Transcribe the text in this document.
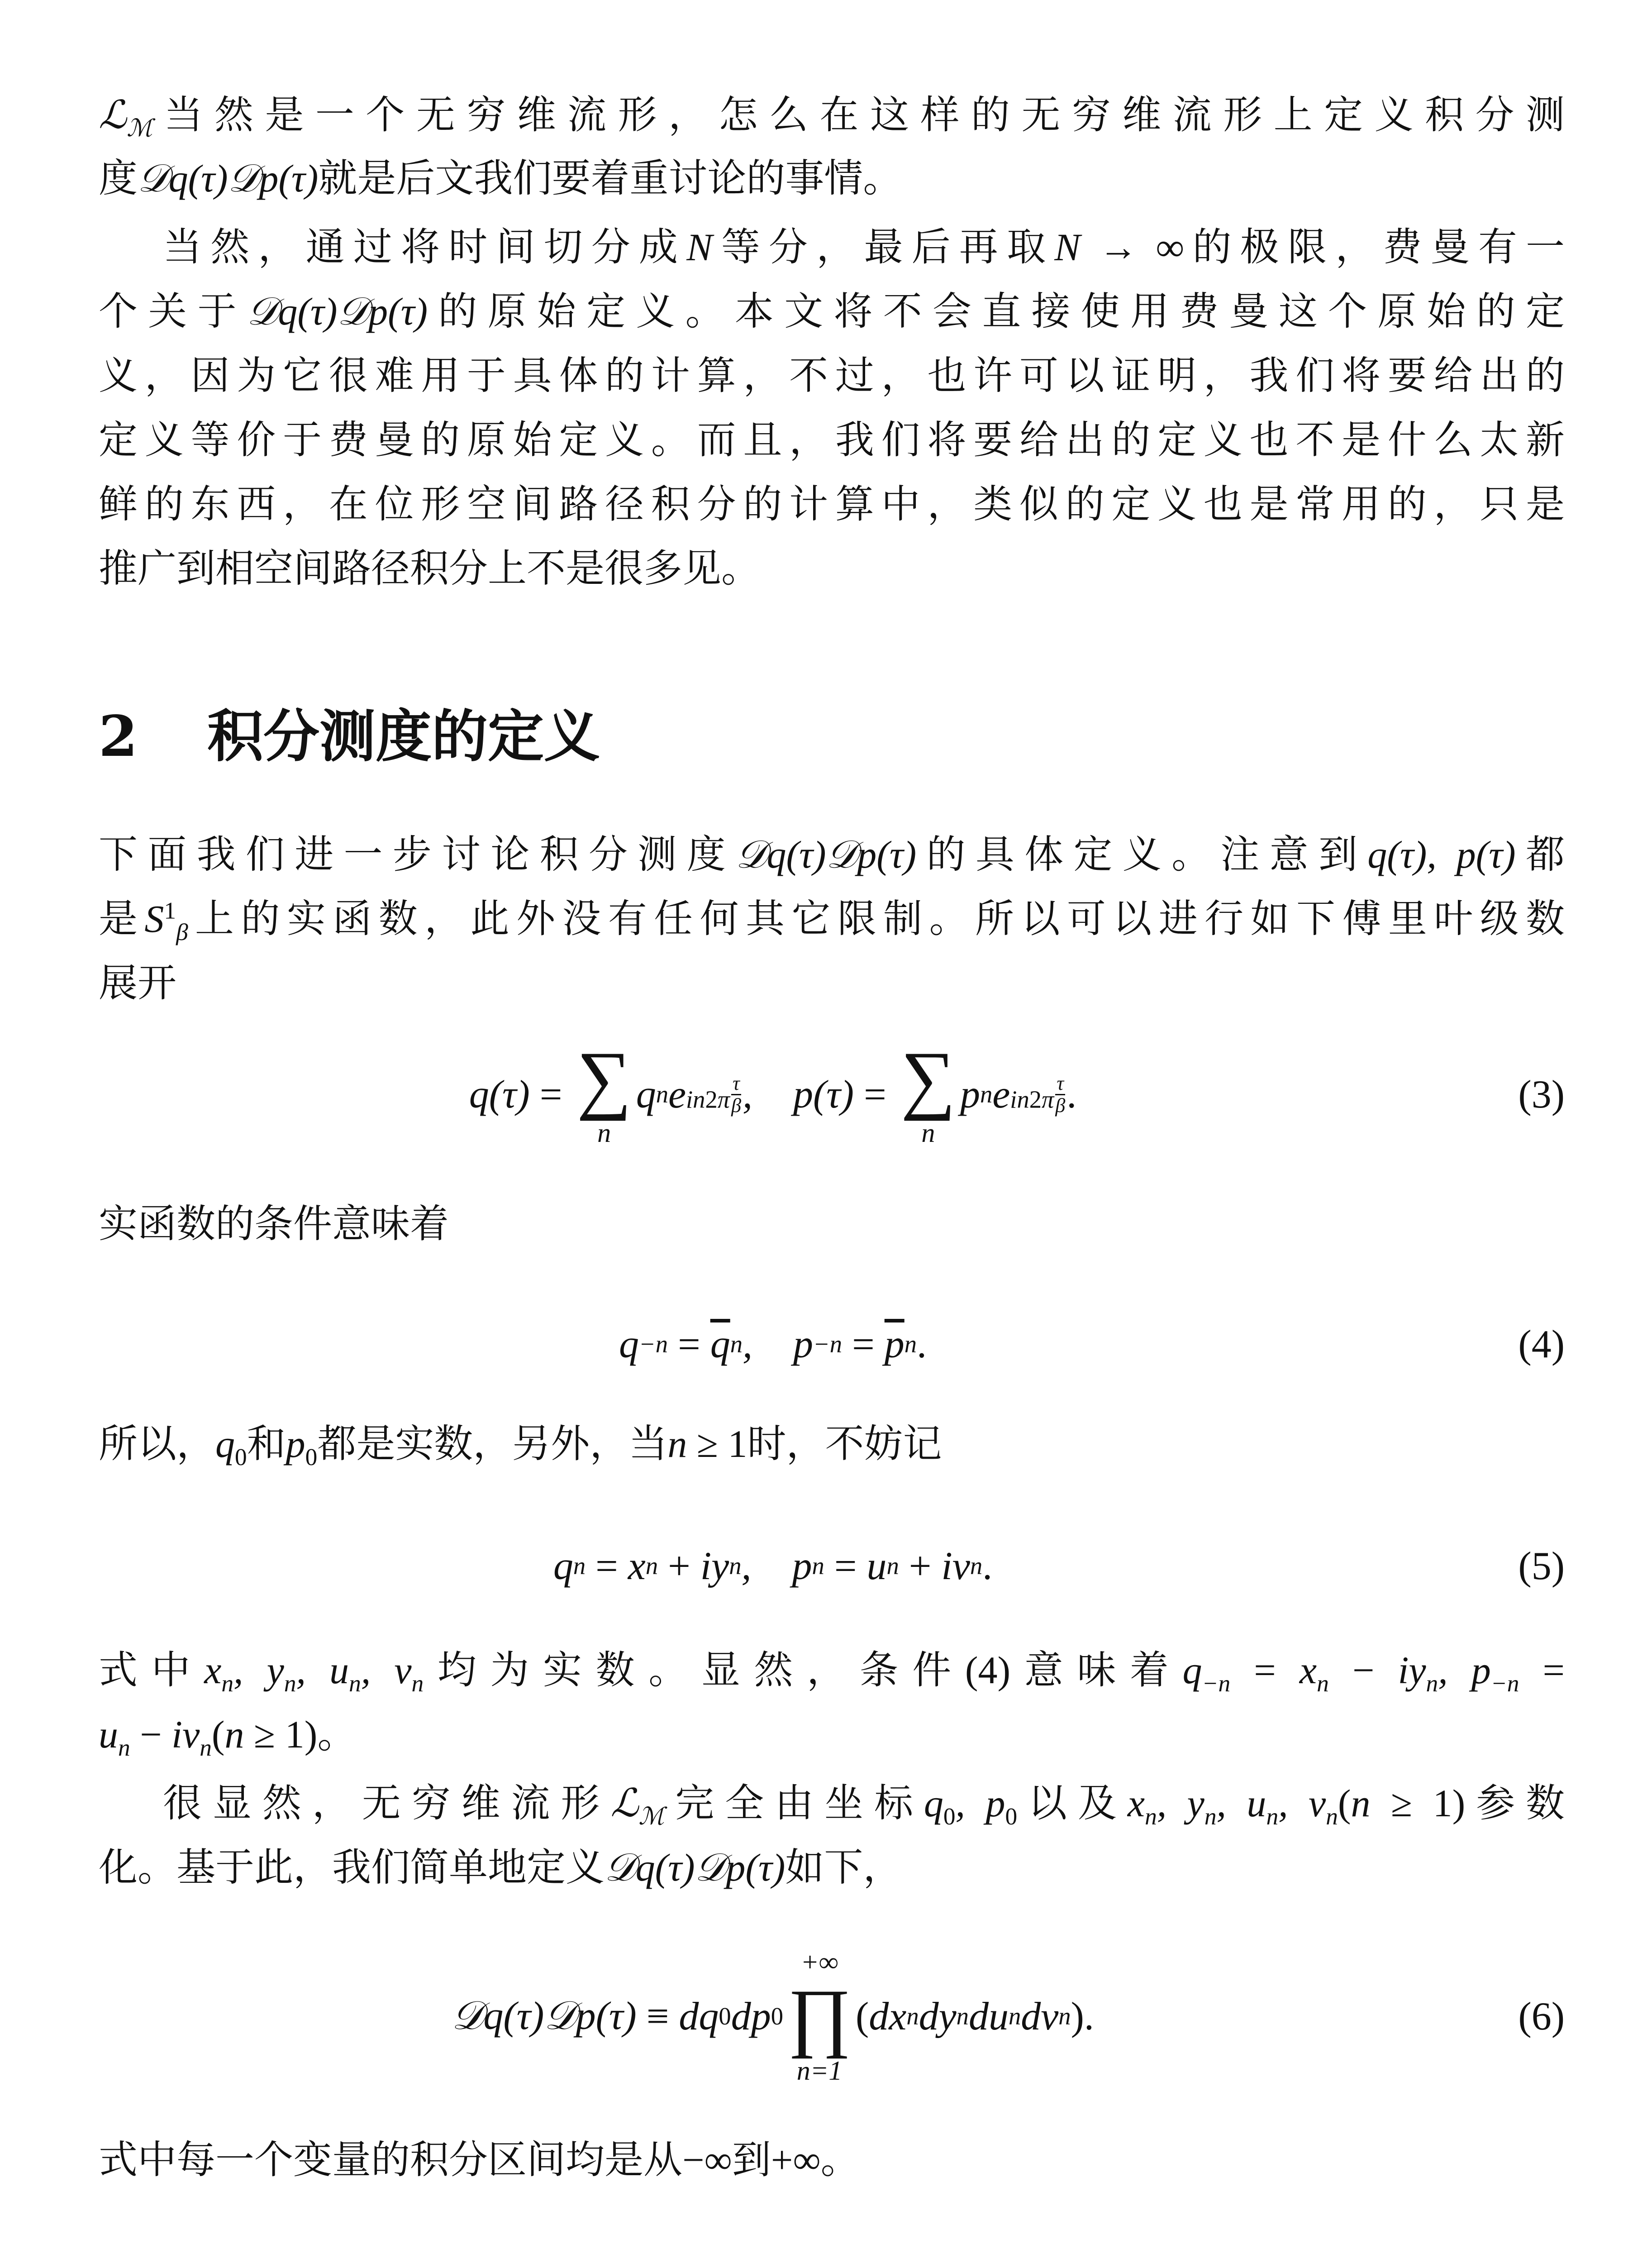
ℒ$_ℳ$当然是一个无穷维流形，怎么在这样的无穷维流形上定义积分测
度𝒟q(τ)𝒟p(τ)就是后文我们要着重讨论的事情。
当然，通过将时间切分成N等分，最后再取N → ∞的极限，费曼有一
个关于𝒟q(τ)𝒟p(τ)的原始定义。本文将不会直接使用费曼这个原始的定
义，因为它很难用于具体的计算，不过，也许可以证明，我们将要给出的
定义等价于费曼的原始定义。而且，我们将要给出的定义也不是什么太新
鲜的东西，在位形空间路径积分的计算中，类似的定义也是常用的，只是
推广到相空间路径积分上不是很多见。
2 积分测度的定义
下面我们进一步讨论积分测度𝒟q(τ)𝒟p(τ)的具体定义。注意到q(τ), p(τ)都
是$S^1_\beta$上的实函数，此外没有任何其它限制。所以可以进行如下傅里叶级数
展开
q(τ) = ∑
n
q n e $in2\pi \frac{\tau}{\beta}$ ,
p(τ) = ∑
n
p n e $in2\pi \frac{\tau}{\beta}$ .	(3)
实函数的条件意味着
$q -n = \overline{q}$ n ,
$p -n = \overline{p}$ n .	(4)
所以，$q_0$和$p_0$都是实数，另外，当n ≥ 1时，不妨记
q n = x n + iy n ,
p n = u n + iv n .	(5)
式中$x_n$, $y_n$, $u_n$, $v_n$均为实数。显然，条件(4)意味着$q_{-n} = x_n - iy_n$, $p_{-n}$ =
$u_n - iv_n(n \ge 1)$。
很显然，无穷维流形ℒ$_ℳ$完全由坐标$q_0$, $p_0$以及$x_n$, $y_n$, $u_n$, $v_n(n \ge 1)$参数
化。基于此，我们简单地定义𝒟q(τ)𝒟p(τ)如下，
𝒟q(τ)𝒟p(τ) ≡ dq 0 dp 0
+∞
∏
n=1
( dx n dy n du n dv n ).	(6)
式中每一个变量的积分区间均是从−∞到+∞。
